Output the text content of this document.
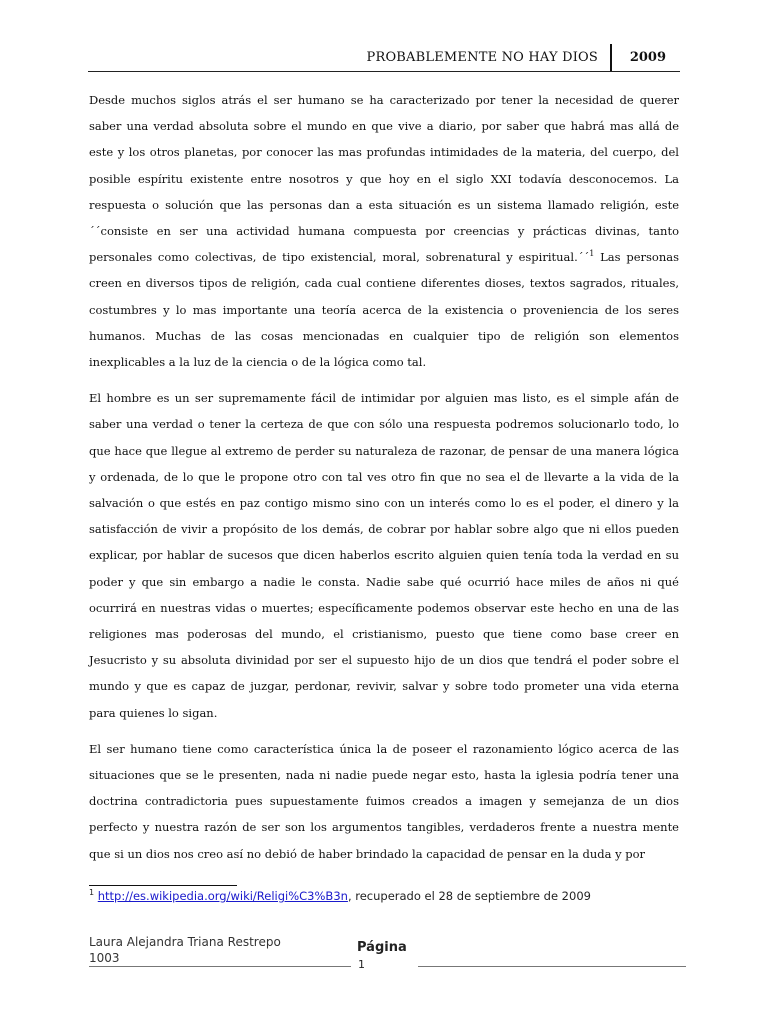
PROBABLEMENTE NO HAY DIOS 2009

Desde muchos siglos atrás el ser humano se ha caracterizado por tener la necesidad de querer saber una verdad absoluta sobre el mundo en que vive a diario, por saber que habrá mas allá de este y los otros planetas, por conocer las mas profundas intimidades de la materia, del cuerpo, del posible espíritu existente entre nosotros y que hoy en el siglo XXI todavía desconocemos. La respuesta o solución que las personas dan a esta situación es un sistema llamado religión, este ´´consiste en ser una actividad humana compuesta por creencias y prácticas divinas, tanto personales como colectivas, de tipo existencial, moral, sobrenatural y espiritual.´´$^1$ Las personas creen en diversos tipos de religión, cada cual contiene diferentes dioses, textos sagrados, rituales, costumbres y lo mas importante una teoría acerca de la existencia o proveniencia de los seres humanos. Muchas de las cosas mencionadas en cualquier tipo de religión son elementos inexplicables a la luz de la ciencia o de la lógica como tal.

El hombre es un ser supremamente fácil de intimidar por alguien mas listo, es el simple afán de saber una verdad o tener la certeza de que con sólo una respuesta podremos solucionarlo todo, lo que hace que llegue al extremo de perder su naturaleza de razonar, de pensar de una manera lógica y ordenada, de lo que le propone otro con tal ves otro fin que no sea el de llevarte a la vida de la salvación o que estés en paz contigo mismo sino con un interés como lo es el poder, el dinero y la satisfacción de vivir a propósito de los demás, de cobrar por hablar sobre algo que ni ellos pueden explicar, por hablar de sucesos que dicen haberlos escrito alguien quien tenía toda la verdad en su poder y que sin embargo a nadie le consta. Nadie sabe qué ocurrió hace miles de años ni qué ocurrirá en nuestras vidas o muertes; específicamente podemos observar este hecho en una de las religiones mas poderosas del mundo, el cristianismo, puesto que tiene como base creer en Jesucristo y su absoluta divinidad por ser el supuesto hijo de un dios que tendrá el poder sobre el mundo y que es capaz de juzgar, perdonar, revivir, salvar y sobre todo prometer una vida eterna para quienes lo sigan.

El ser humano tiene como característica única la de poseer el razonamiento lógico acerca de las situaciones que se le presenten, nada ni nadie puede negar esto, hasta la iglesia podría tener una doctrina contradictoria pues supuestamente fuimos creados a imagen y semejanza de un dios perfecto y nuestra razón de ser son los argumentos tangibles, verdaderos frente a nuestra mente que si un dios nos creo así no debió de haber brindado la capacidad de pensar en la duda y por

$^1$ http://es.wikipedia.org/wiki/Religi%C3%B3n, recuperado el 28 de septiembre de 2009
Laura Alejandra Triana Restrepo
1003
Página
1
